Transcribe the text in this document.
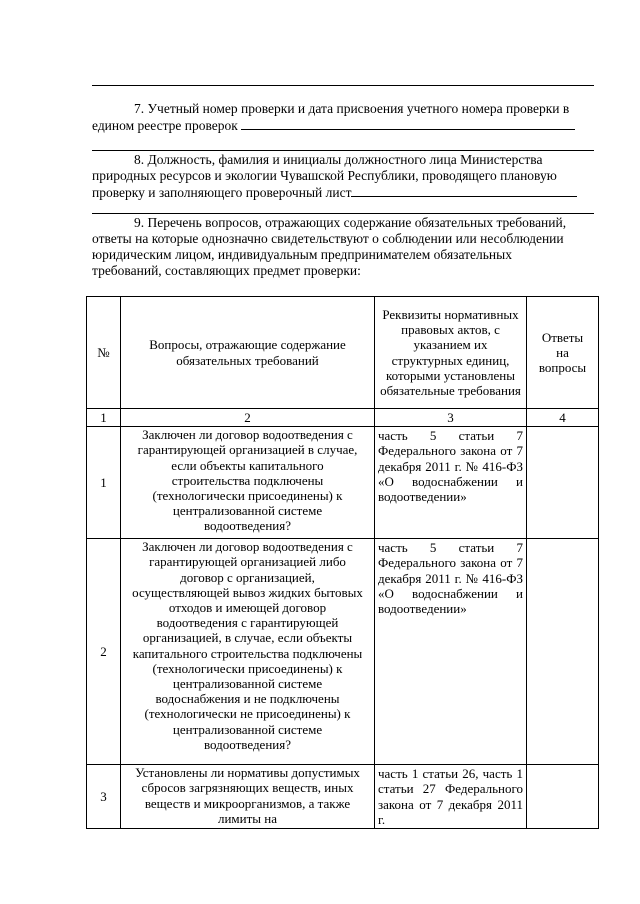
7. Учетный номер проверки и дата присвоения учетного номера проверки в
едином реестре проверок
8. Должность, фамилия и инициалы должностного лица Министерства
природных ресурсов и экологии Чувашской Республики, проводящего плановую
проверку и заполняющего проверочный лист
9. Перечень вопросов, отражающих содержание обязательных требований,
ответы на которые однозначно свидетельствуют о соблюдении или несоблюдении
юридическим лицом, индивидуальным предпринимателем обязательных
требований, составляющих предмет проверки:
№	Вопросы, отражающие содержание обязательных требований	Реквизиты нормативных правовых актов, с указанием их структурных единиц, которыми установлены обязательные требования	Ответы на вопросы
1	2	3	4
1	Заключен ли договор водоотведения с гарантирующей организацией в случае, если объекты капитального строительства подключены (технологически присоединены) к централизованной системе водоотведения?	часть 5 статьи 7 Федерального закона от 7 декабря 2011 г. № 416-ФЗ «О водоснабжении и водоотведении»	
2	Заключен ли договор водоотведения с гарантирующей организацией либо договор с организацией, осуществляющей вывоз жидких бытовых отходов и имеющей договор водоотведения с гарантирующей организацией, в случае, если объекты капитального строительства подключены (технологически присоединены) к централизованной системе водоснабжения и не подключены (технологически не присоединены) к централизованной системе водоотведения?	часть 5 статьи 7 Федерального закона от 7 декабря 2011 г. № 416-ФЗ «О водоснабжении и водоотведении»	
3	Установлены ли нормативы допустимых сбросов загрязняющих веществ, иных веществ и микроорганизмов, а также лимиты на	часть 1 статьи 26, часть 1 статьи 27 Федерального закона от 7 декабря 2011 г.	
